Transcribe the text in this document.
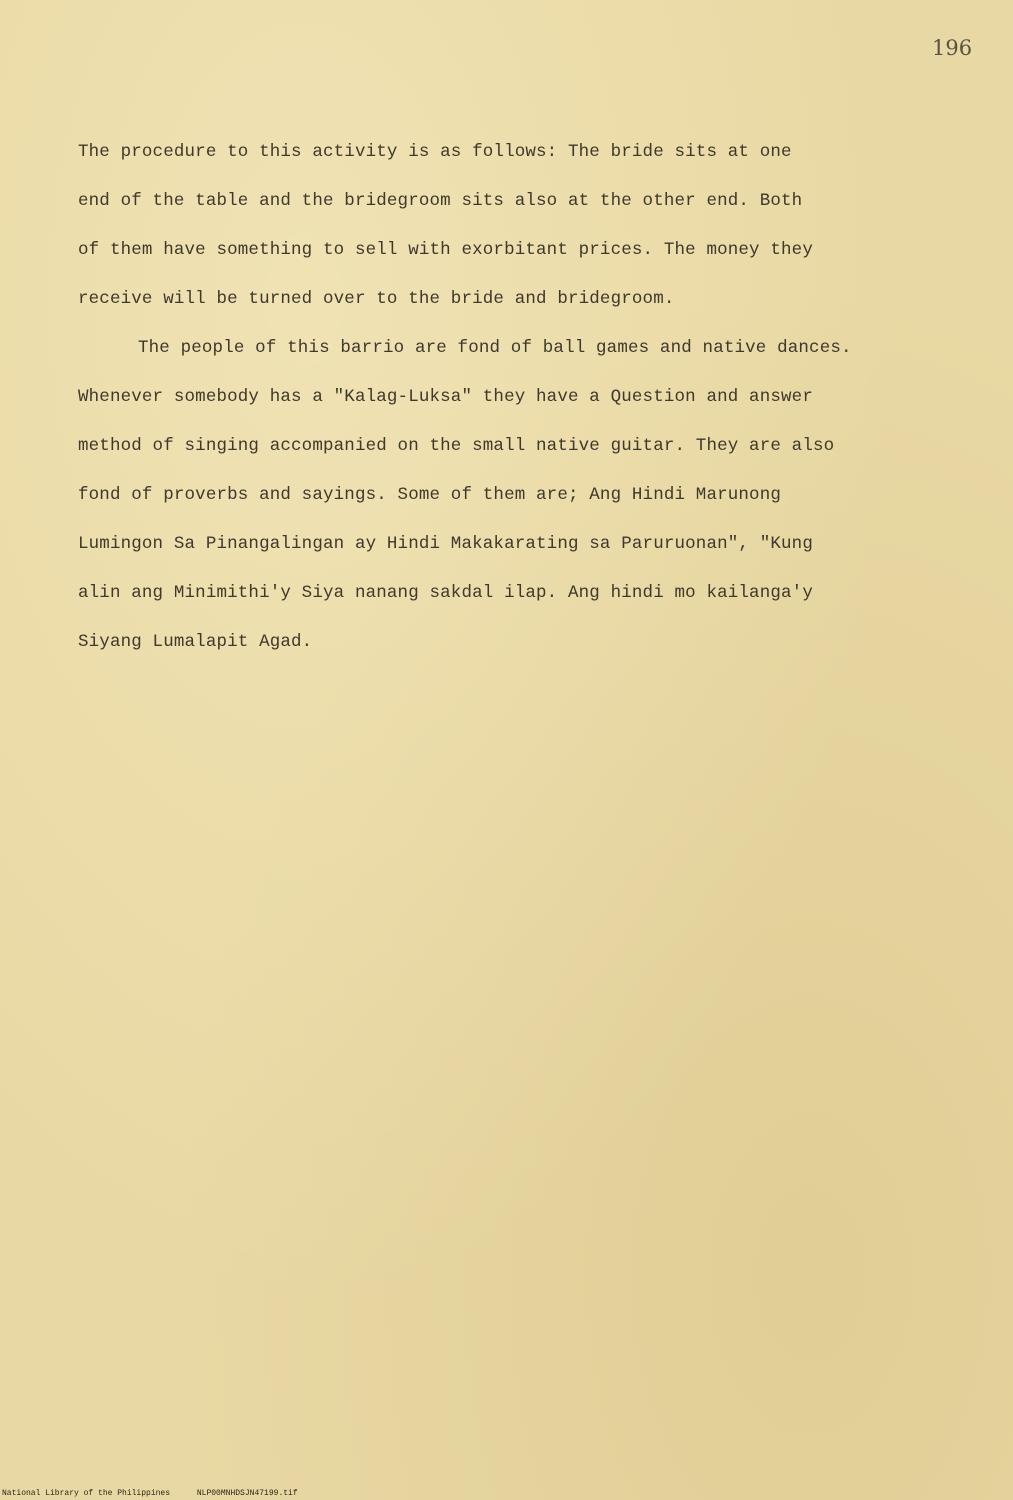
196
The procedure to this activity is as follows: The bride sits at one
end of the table and the bridegroom sits also at the other end. Both
of them have something to sell with exorbitant prices. The money they
receive will be turned over to the bride and bridegroom.
The people of this barrio are fond of ball games and native dances.
Whenever somebody has a "Kalag-Luksa" they have a Question and answer
method of singing accompanied on the small native guitar. They are also
fond of proverbs and sayings. Some of them are; Ang Hindi Marunong
Lumingon Sa Pinangalingan ay Hindi Makakarating sa Paruruonan", "Kung
alin ang Minimithi'y Siya nanang sakdal ilap. Ang hindi mo kailanga'y
Siyang Lumalapit Agad.
National Library of the Philippines	NLP00MNHDSJN47199.tif
